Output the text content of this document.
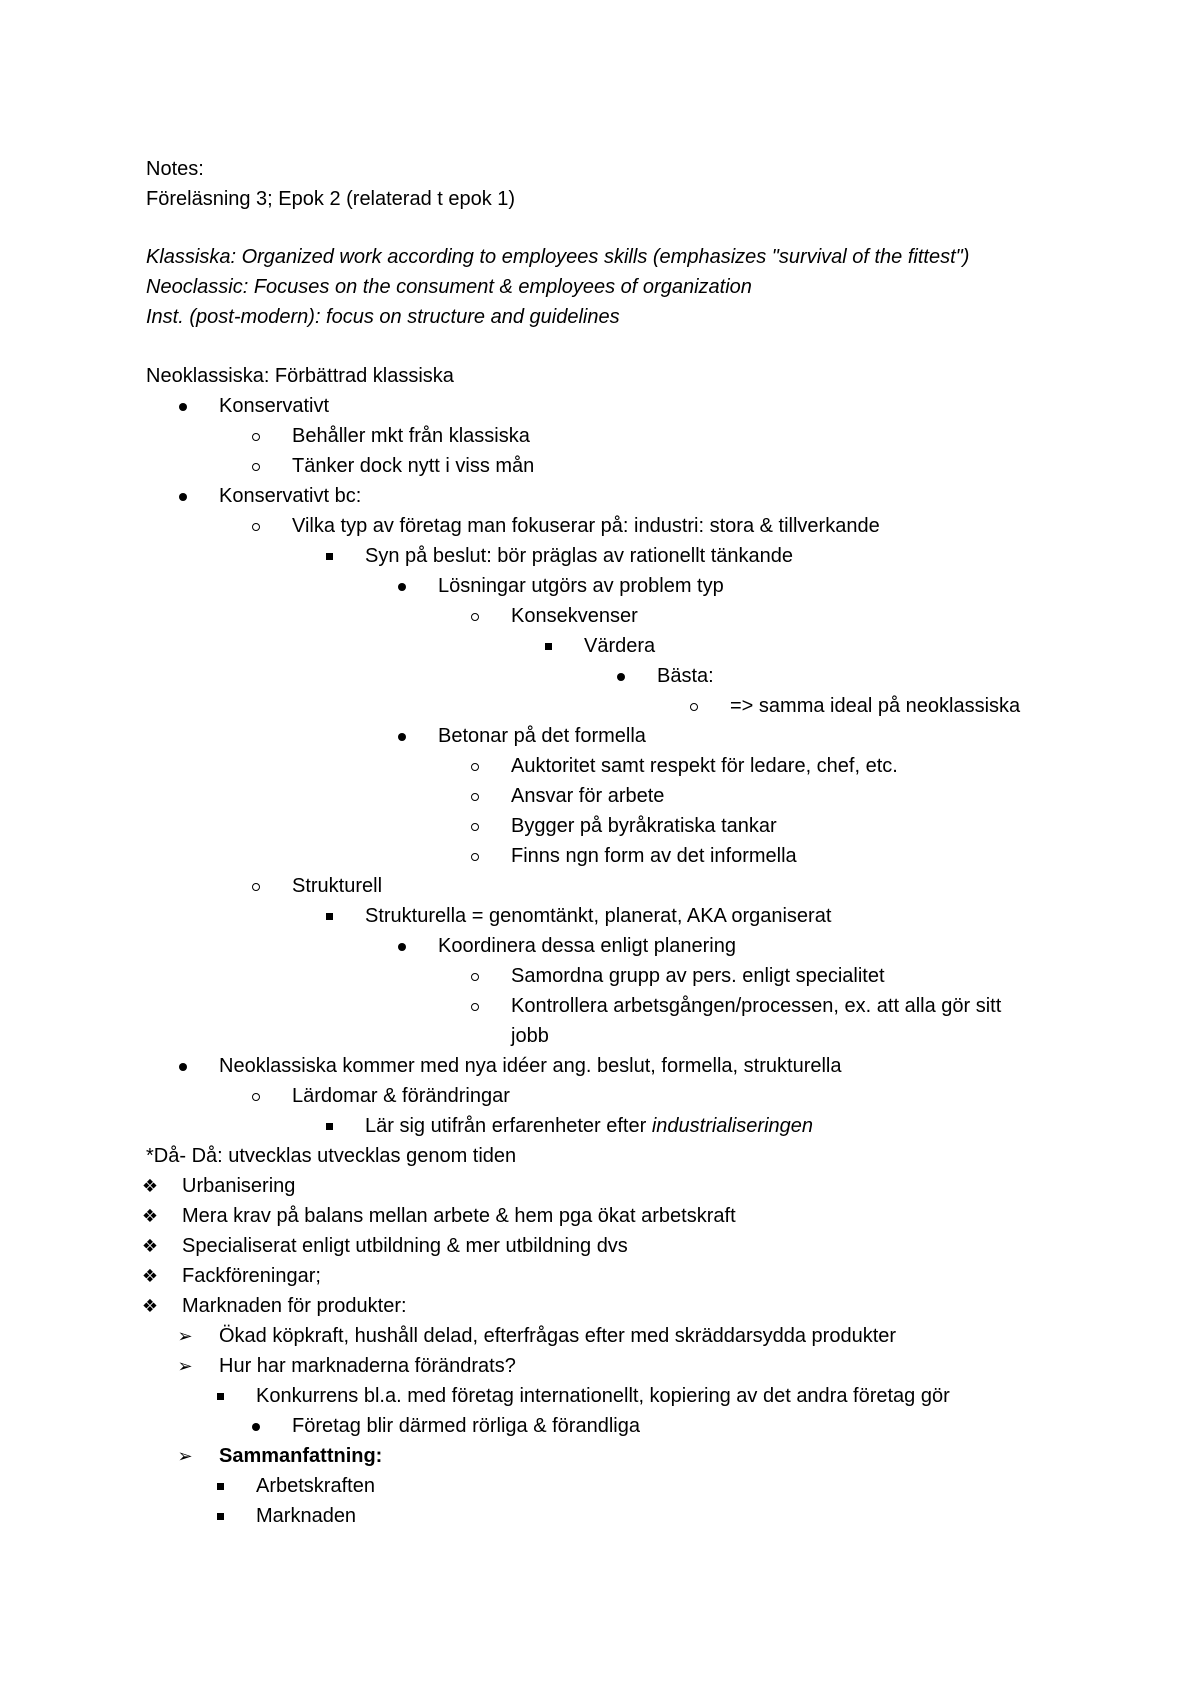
Notes:
Föreläsning 3; Epok 2 (relaterad t epok 1)
Klassiska: Organized work according to employees skills (emphasizes "survival of the fittest")
Neoclassic: Focuses on the consument & employees of organization
Inst. (post-modern): focus on structure and guidelines
Neoklassiska: Förbättrad klassiska
Konservativt
Behåller mkt från klassiska
Tänker dock nytt i viss mån
Konservativt bc:
Vilka typ av företag man fokuserar på: industri: stora & tillverkande
Syn på beslut: bör präglas av rationellt tänkande
Lösningar utgörs av problem typ
Konsekvenser
Värdera
Bästa:
=> samma ideal på neoklassiska
Betonar på det formella
Auktoritet samt respekt för ledare, chef, etc.
Ansvar för arbete
Bygger på byråkratiska tankar
Finns ngn form av det informella
Strukturell
Strukturella = genomtänkt, planerat, AKA organiserat
Koordinera dessa enligt planering
Samordna grupp av pers. enligt specialitet
Kontrollera arbetsgången/processen, ex. att alla gör sitt
jobb
Neoklassiska kommer med nya idéer ang. beslut, formella, strukturella
Lärdomar & förändringar
Lär sig utifrån erfarenheter efter industrialiseringen
*Då- Då: utvecklas utvecklas genom tiden
Urbanisering
❖
Mera krav på balans mellan arbete & hem pga ökat arbetskraft
❖
Specialiserat enligt utbildning & mer utbildning dvs
❖
Fackföreningar;
❖
Marknaden för produkter:
❖
Ökad köpkraft, hushåll delad, efterfrågas efter med skräddarsydda produkter
➢
Hur har marknaderna förändrats?
➢
Konkurrens bl.a. med företag internationellt, kopiering av det andra företag gör
Företag blir därmed rörliga & förandliga
Sammanfattning:
➢
Arbetskraften
Marknaden
